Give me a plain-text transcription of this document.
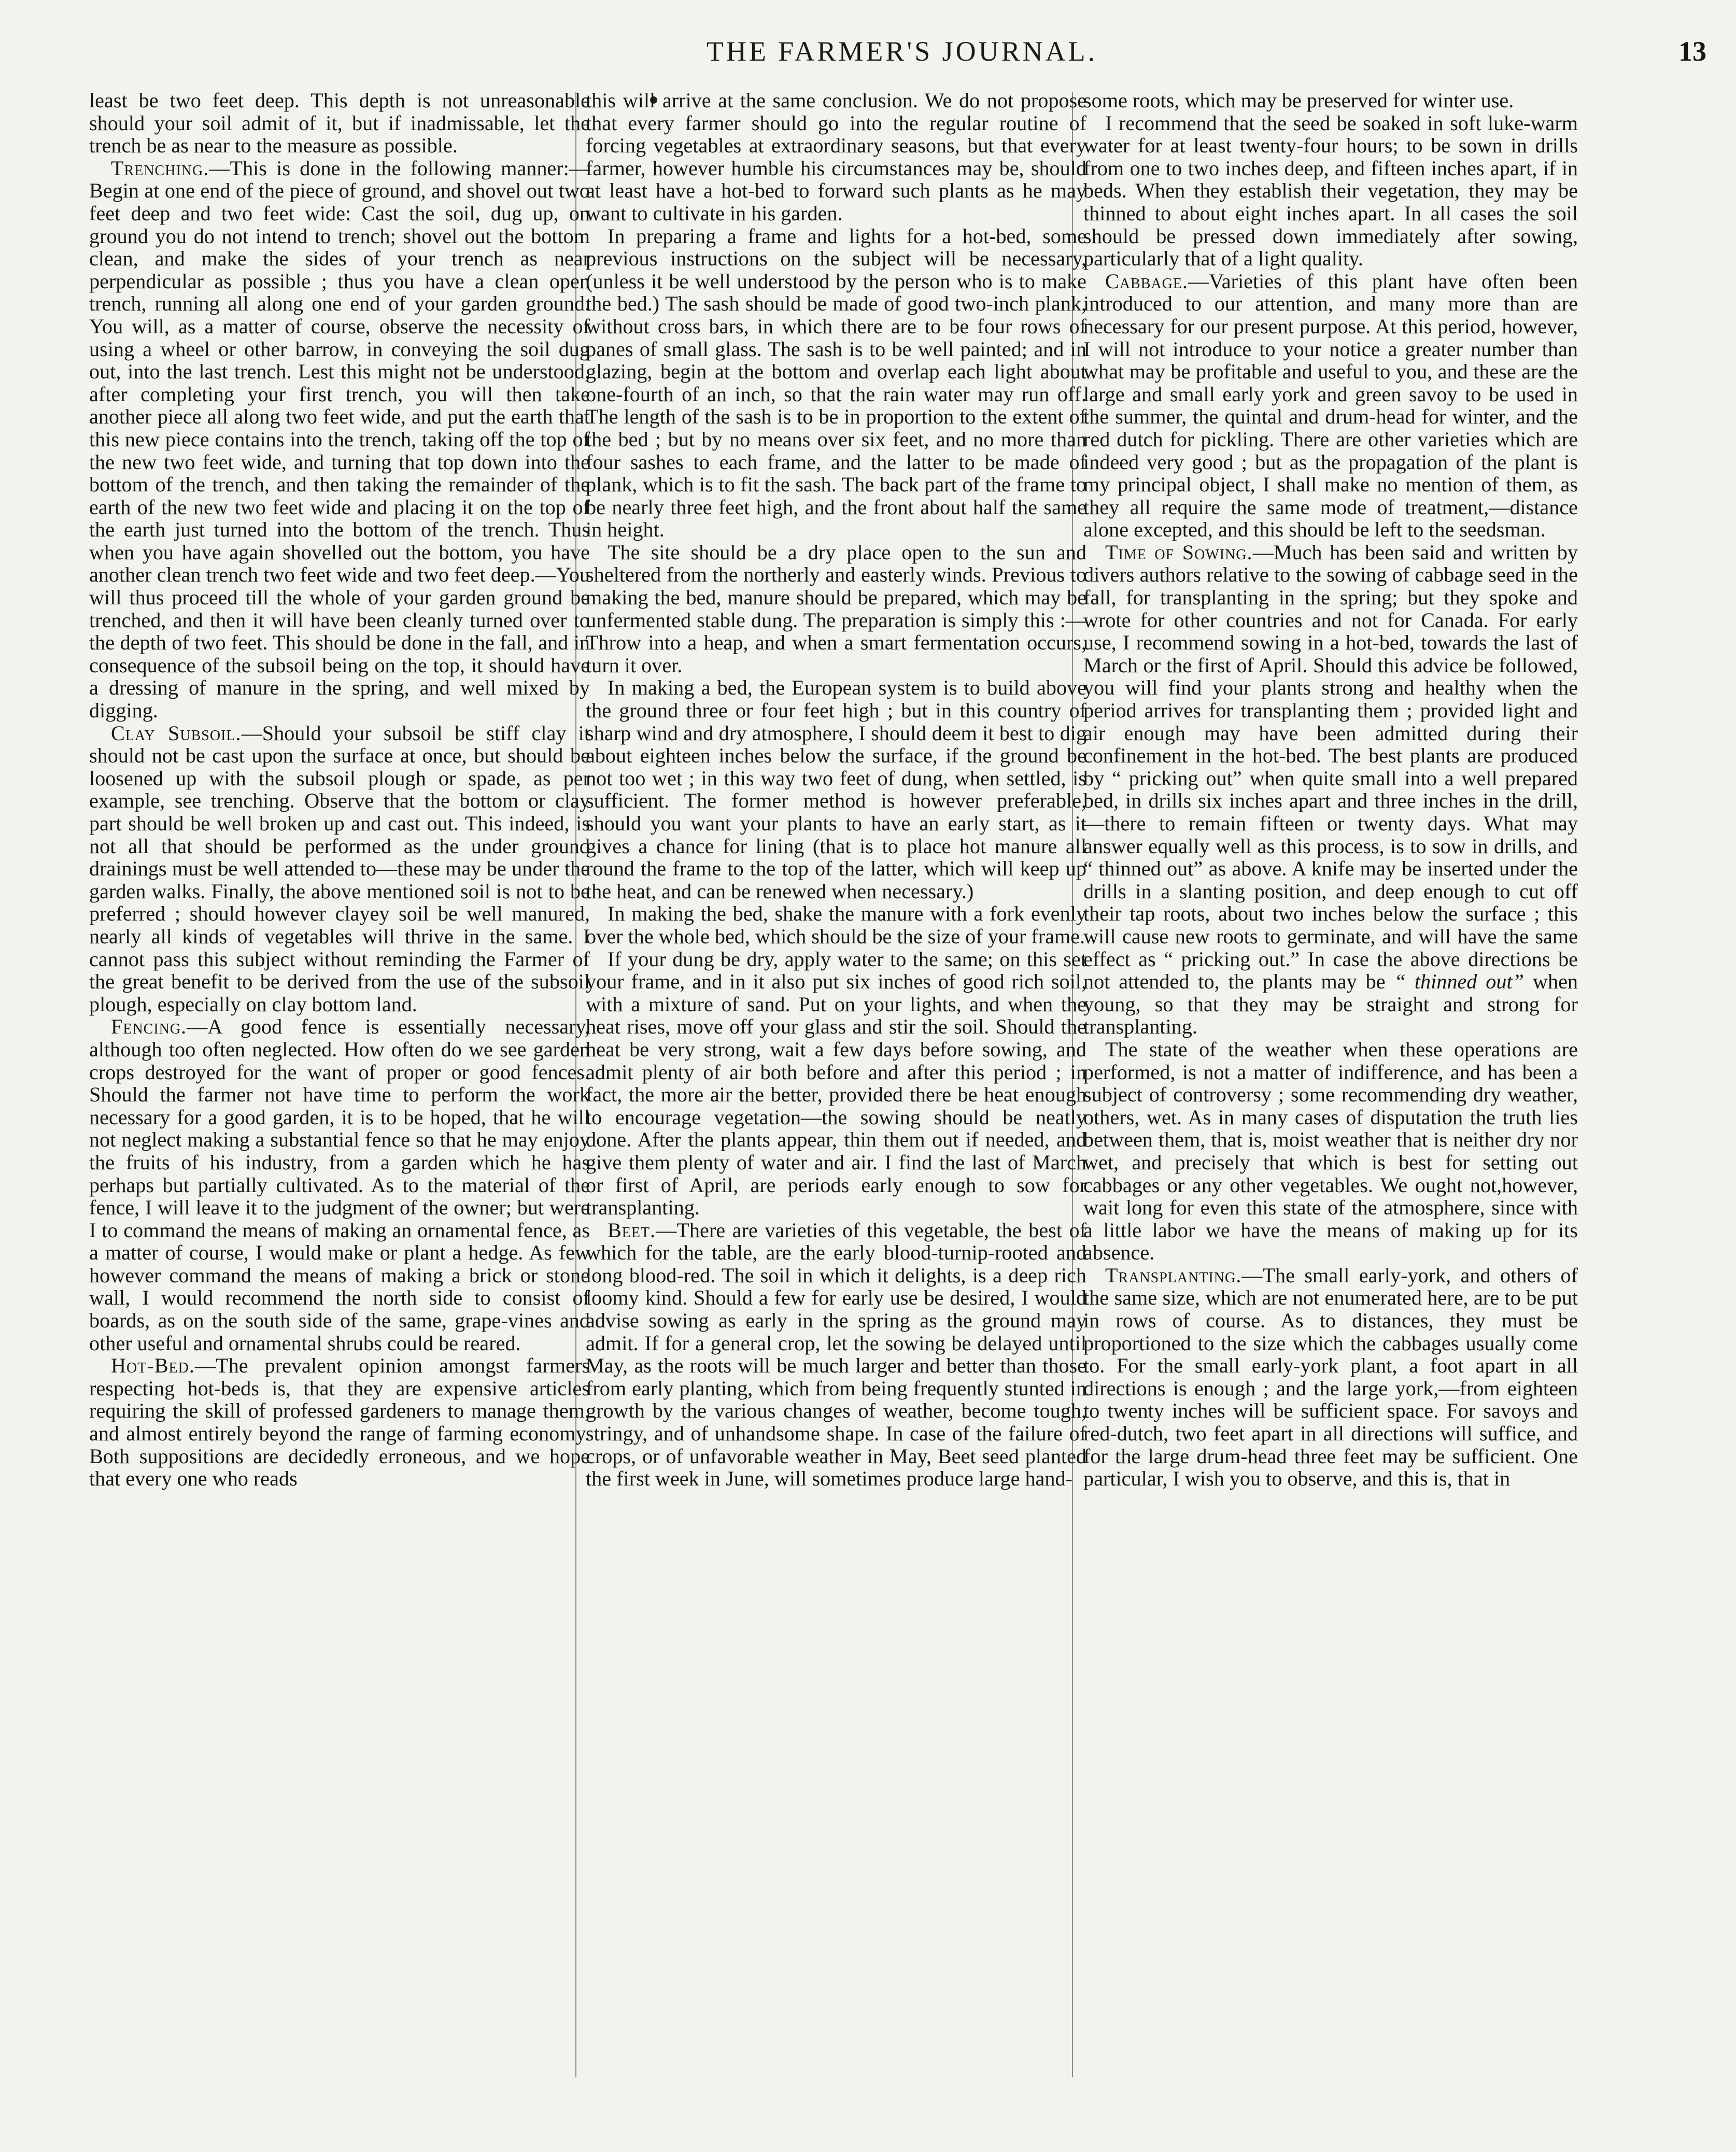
THE FARMER'S JOURNAL.	13

least be two feet deep. This depth is not unreasonable should your soil admit of it, but if inadmissable, let the trench be as near to the measure as possible.

Trenching.—This is done in the following manner:—Begin at one end of the piece of ground, and shovel out two feet deep and two feet wide: Cast the soil, dug up, on ground you do not intend to trench; shovel out the bottom clean, and make the sides of your trench as near perpendicular as possible ; thus you have a clean open trench, running all along one end of your garden ground. You will, as a matter of course, observe the necessity of using a wheel or other barrow, in conveying the soil dug out, into the last trench. Lest this might not be understood, after completing your first trench, you will then take another piece all along two feet wide, and put the earth that this new piece contains into the trench, taking off the top of the new two feet wide, and turning that top down into the bottom of the trench, and then taking the remainder of the earth of the new two feet wide and placing it on the top of the earth just turned into the bottom of the trench. Thus when you have again shovelled out the bottom, you have another clean trench two feet wide and two feet deep.—You will thus proceed till the whole of your garden ground be trenched, and then it will have been cleanly turned over to the depth of two feet. This should be done in the fall, and in consequence of the subsoil being on the top, it should have a dressing of manure in the spring, and well mixed by digging.

Clay Subsoil.—Should your subsoil be stiff clay it should not be cast upon the surface at once, but should be loosened up with the subsoil plough or spade, as per example, see trenching. Observe that the bottom or clay part should be well broken up and cast out. This indeed, is not all that should be performed as the under ground drainings must be well attended to—these may be under the garden walks. Finally, the above mentioned soil is not to be preferred ; should however clayey soil be well manured, nearly all kinds of vegetables will thrive in the same. I cannot pass this subject without reminding the Farmer of the great benefit to be derived from the use of the subsoil plough, especially on clay bottom land.

Fencing.—A good fence is essentially necessary, although too often neglected. How often do we see garden crops destroyed for the want of proper or good fences. Should the farmer not have time to perform the work necessary for a good garden, it is to be hoped, that he will not neglect making a substantial fence so that he may enjoy the fruits of his industry, from a garden which he has perhaps but partially cultivated. As to the material of the fence, I will leave it to the judgment of the owner; but were I to command the means of making an ornamental fence, as a matter of course, I would make or plant a hedge. As few however command the means of making a brick or stone wall, I would recommend the north side to consist of boards, as on the south side of the same, grape-vines and other useful and ornamental shrubs could be reared.

Hot-Bed.—The prevalent opinion amongst farmers respecting hot-beds is, that they are expensive articles requiring the skill of professed gardeners to manage them, and almost entirely beyond the range of farming economy. Both suppositions are decidedly erroneous, and we hope that every one who reads

this will arrive at the same conclusion. We do not propose that every farmer should go into the regular routine of forcing vegetables at extraordinary seasons, but that every farmer, however humble his circumstances may be, should at least have a hot-bed to forward such plants as he may want to cultivate in his garden.

In preparing a frame and lights for a hot-bed, some previous instructions on the subject will be necessary, (unless it be well understood by the person who is to make the bed.) The sash should be made of good two-inch plank, without cross bars, in which there are to be four rows of panes of small glass. The sash is to be well painted; and in glazing, begin at the bottom and overlap each light about one-fourth of an inch, so that the rain water may run off. The length of the sash is to be in proportion to the extent of the bed ; but by no means over six feet, and no more than four sashes to each frame, and the latter to be made of plank, which is to fit the sash. The back part of the frame to be nearly three feet high, and the front about half the same in height.

The site should be a dry place open to the sun and sheltered from the northerly and easterly winds. Previous to making the bed, manure should be prepared, which may be unfermented stable dung. The preparation is simply this :—Throw into a heap, and when a smart fermentation occurs, turn it over.

In making a bed, the European system is to build above the ground three or four feet high ; but in this country of sharp wind and dry atmosphere, I should deem it best to dig about eighteen inches below the surface, if the ground be not too wet ; in this way two feet of dung, when settled, is sufficient. The former method is however preferable, should you want your plants to have an early start, as it gives a chance for lining (that is to place hot manure all round the frame to the top of the latter, which will keep up the heat, and can be renewed when necessary.)

In making the bed, shake the manure with a fork evenly over the whole bed, which should be the size of your frame.

If your dung be dry, apply water to the same; on this set your frame, and in it also put six inches of good rich soil, with a mixture of sand. Put on your lights, and when the heat rises, move off your glass and stir the soil. Should the heat be very strong, wait a few days before sowing, and admit plenty of air both before and after this period ; in fact, the more air the better, provided there be heat enough to encourage vegetation—the sowing should be neatly done. After the plants appear, thin them out if needed, and give them plenty of water and air. I find the last of March or first of April, are periods early enough to sow for transplanting.

Beet.—There are varieties of this vegetable, the best of which for the table, are the early blood-turnip-rooted and long blood-red. The soil in which it delights, is a deep rich loomy kind. Should a few for early use be desired, I would advise sowing as early in the spring as the ground may admit. If for a general crop, let the sowing be delayed until May, as the roots will be much larger and better than those from early planting, which from being frequently stunted in growth by the various changes of weather, become tough, stringy, and of unhandsome shape. In case of the failure of crops, or of unfavorable weather in May, Beet seed planted the first week in June, will sometimes produce large hand-

some roots, which may be preserved for winter use.

I recommend that the seed be soaked in soft luke-warm water for at least twenty-four hours; to be sown in drills from one to two inches deep, and fifteen inches apart, if in beds. When they establish their vegetation, they may be thinned to about eight inches apart. In all cases the soil should be pressed down immediately after sowing, particularly that of a light quality.

Cabbage.—Varieties of this plant have often been introduced to our attention, and many more than are necessary for our present purpose. At this period, however, I will not introduce to your notice a greater number than what may be profitable and useful to you, and these are the large and small early york and green savoy to be used in the summer, the quintal and drum-head for winter, and the red dutch for pickling. There are other varieties which are indeed very good ; but as the propagation of the plant is my principal object, I shall make no mention of them, as they all require the same mode of treatment,—distance alone excepted, and this should be left to the seedsman.

Time of Sowing.—Much has been said and written by divers authors relative to the sowing of cabbage seed in the fall, for transplanting in the spring; but they spoke and wrote for other countries and not for Canada. For early use, I recommend sowing in a hot-bed, towards the last of March or the first of April. Should this advice be followed, you will find your plants strong and healthy when the period arrives for transplanting them ; provided light and air enough may have been admitted during their confinement in the hot-bed. The best plants are produced by “ pricking out” when quite small into a well prepared bed, in drills six inches apart and three inches in the drill,—there to remain fifteen or twenty days. What may answer equally well as this process, is to sow in drills, and “ thinned out” as above. A knife may be inserted under the drills in a slanting position, and deep enough to cut off their tap roots, about two inches below the surface ; this will cause new roots to germinate, and will have the same effect as “ pricking out.” In case the above directions be not attended to, the plants may be “ thinned out” when young, so that they may be straight and strong for transplanting.

The state of the weather when these operations are performed, is not a matter of indifference, and has been a subject of controversy ; some recommending dry weather, others, wet. As in many cases of disputation the truth lies between them, that is, moist weather that is neither dry nor wet, and precisely that which is best for setting out cabbages or any other vegetables. We ought not,however, wait long for even this state of the atmosphere, since with a little labor we have the means of making up for its absence.

Transplanting.—The small early-york, and others of the same size, which are not enumerated here, are to be put in rows of course. As to distances, they must be proportioned to the size which the cabbages usually come to. For the small early-york plant, a foot apart in all directions is enough ; and the large york,—from eighteen to twenty inches will be sufficient space. For savoys and red-dutch, two feet apart in all directions will suffice, and for the large drum-head three feet may be sufficient. One particular, I wish you to observe, and this is, that in
